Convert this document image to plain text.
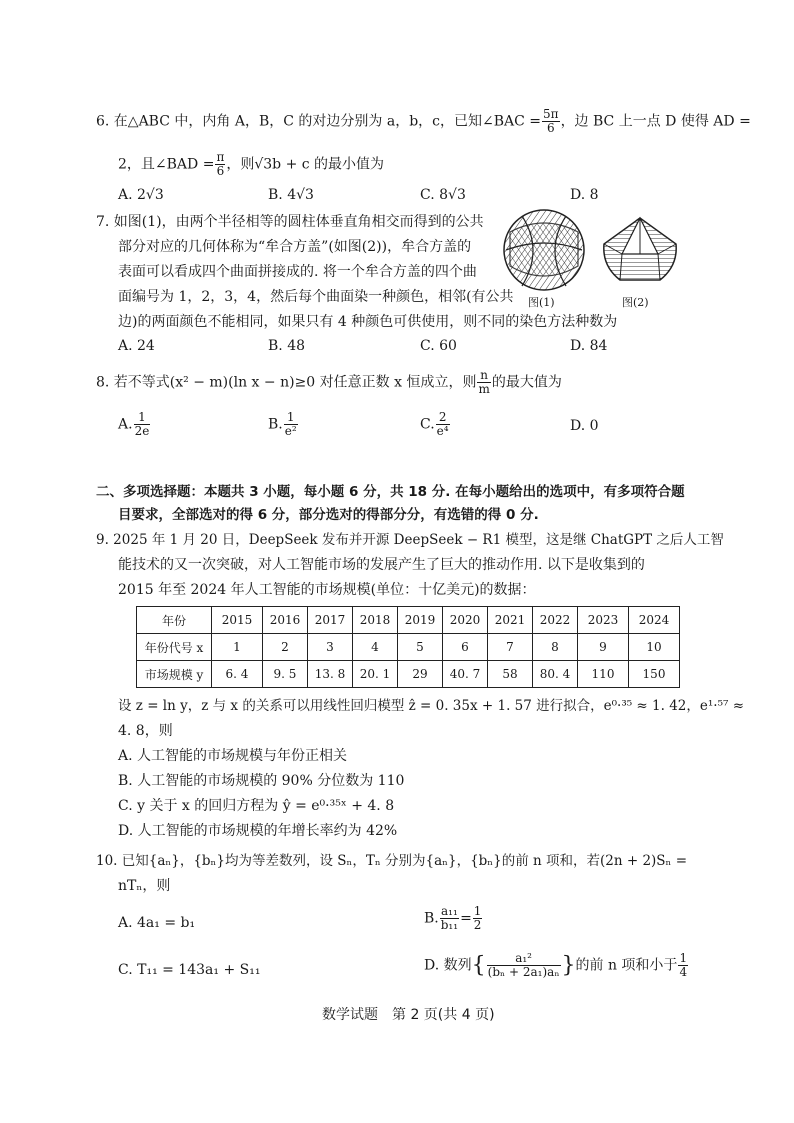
6. 在△ABC 中，内角 A，B，C 的对边分别为 a，b，c，已知∠BAC = $\frac{5\pi}{6}$ ，边 BC 上一点 D 使得 AD =
2，且∠BAD = $\frac{\pi}{6}$ ，则√3b + c 的最小值为
A. 2√3	B. 4√3	C. 8√3	D. 8
7. 如图(1)，由两个半径相等的圆柱体垂直角相交而得到的公共
部分对应的几何体称为“牟合方盖”(如图(2))，牟合方盖的
表面可以看成四个曲面拼接成的. 将一个牟合方盖的四个曲
面编号为 1，2，3，4，然后每个曲面染一种颜色，相邻(有公共
边)的两面颜色不能相同，如果只有 4 种颜色可供使用，则不同的染色方法种数为
图(1)	图(2)
A. 24	B. 48	C. 60	D. 84
8. 若不等式(x² − m)(ln x − n)≥0 对任意正数 x 恒成立，则 $\frac{n}{m}$ 的最大值为
A. $\frac{1}{2e}$	B. $\frac{1}{\text{e²}}$	C. $\frac{2}{\text{e⁴}}$	D. 0
二、多项选择题：本题共 3 小题，每小题 6 分，共 18 分. 在每小题给出的选项中，有多项符合题
目要求，全部选对的得 6 分，部分选对的得部分分，有选错的得 0 分.
9. 2025 年 1 月 20 日，DeepSeek 发布并开源 DeepSeek − R1 模型，这是继 ChatGPT 之后人工智
能技术的又一次突破，对人工智能市场的发展产生了巨大的推动作用. 以下是收集到的
2015 年至 2024 年人工智能的市场规模(单位：十亿美元)的数据：
年份	2015	2016	2017	2018	2019	2020	2021	2022	2023	2024
年份代号 x	1	2	3	4	5	6	7	8	9	10
市场规模 y	6. 4	9. 5	13. 8	20. 1	29	40. 7	58	80. 4	110	150
设 z = ln y，z 与 x 的关系可以用线性回归模型 ẑ = 0. 35x + 1. 57 进行拟合，e⁰·³⁵ ≈ 1. 42，e¹·⁵⁷ ≈
4. 8，则
A. 人工智能的市场规模与年份正相关
B. 人工智能的市场规模的 90% 分位数为 110
C. y 关于 x 的回归方程为 ŷ = e⁰·³⁵ˣ + 4. 8
D. 人工智能的市场规模的年增长率约为 42%
10. 已知{aₙ}，{bₙ}均为等差数列，设 Sₙ，Tₙ 分别为{aₙ}，{bₙ}的前 n 项和，若(2n + 2)Sₙ =
nTₙ，则
A. 4a₁ = b₁	B. $\frac{\text{a₁₁}}{\text{b₁₁}} = \frac{1}{2}$
C. T₁₁ = 143a₁ + S₁₁	D. 数列{ $\frac{\text{a₁²}}{\text{(bₙ + 2a₁)aₙ}}$ }的前 n 项和小于 $\frac{1}{4}$
数学试题　第 2 页(共 4 页)
